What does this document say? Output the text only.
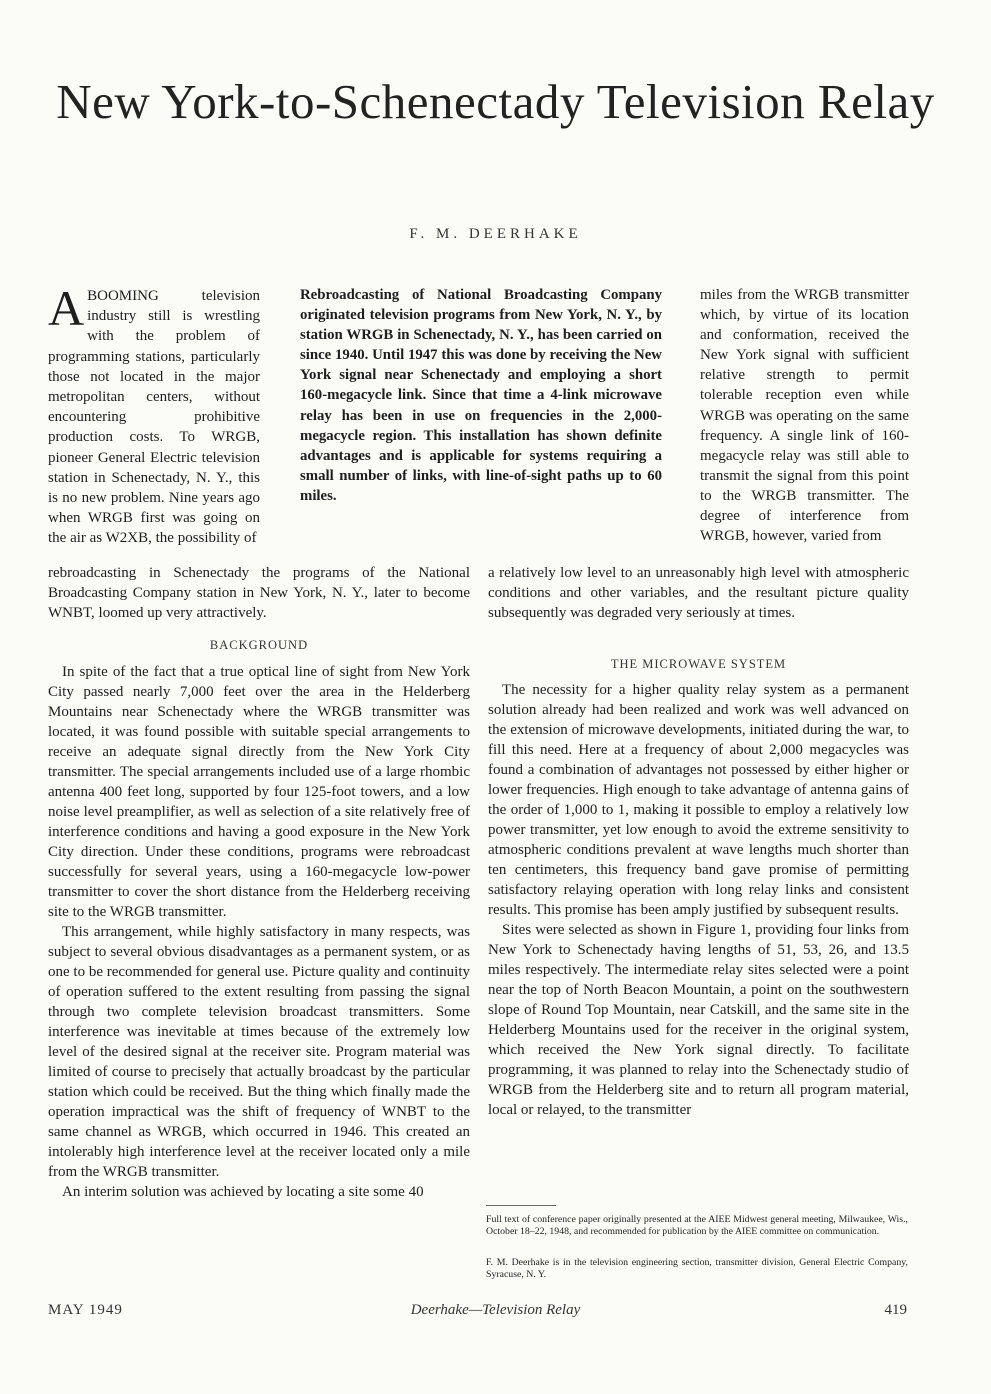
New York-to-Schenectady Television Relay
F. M. DEERHAKE

ABOOMING television industry still is wrestling with the problem of programming stations, particularly those not located in the major metropolitan centers, without encountering prohibitive production costs. To WRGB, pioneer General Electric television station in Schenectady, N. Y., this is no new problem. Nine years ago when WRGB first was going on the air as W2XB, the possibility of

Rebroadcasting of National Broadcasting Company originated television programs from New York, N. Y., by station WRGB in Schenectady, N. Y., has been carried on since 1940. Until 1947 this was done by receiving the New York signal near Schenectady and employing a short 160-megacycle link. Since that time a 4-link microwave relay has been in use on frequencies in the 2,000-megacycle region. This installation has shown definite advantages and is applicable for systems requiring a small number of links, with line-of-sight paths up to 60 miles.

miles from the WRGB transmitter which, by virtue of its location and conformation, received the New York signal with sufficient relative strength to permit tolerable reception even while WRGB was operating on the same frequency. A single link of 160-megacycle relay was still able to transmit the signal from this point to the WRGB transmitter. The degree of interference from WRGB, however, varied from

rebroadcasting in Schenectady the programs of the National Broadcasting Company station in New York, N. Y., later to become WNBT, loomed up very attractively.

a relatively low level to an unreasonably high level with atmospheric conditions and other variables, and the resultant picture quality subsequently was degraded very seriously at times.

BACKGROUND

In spite of the fact that a true optical line of sight from New York City passed nearly 7,000 feet over the area in the Helderberg Mountains near Schenectady where the WRGB transmitter was located, it was found possible with suitable special arrangements to receive an adequate signal directly from the New York City transmitter. The special arrangements included use of a large rhombic antenna 400 feet long, supported by four 125-foot towers, and a low noise level preamplifier, as well as selection of a site relatively free of interference conditions and having a good exposure in the New York City direction. Under these conditions, programs were rebroadcast successfully for several years, using a 160-megacycle low-power transmitter to cover the short distance from the Helderberg receiving site to the WRGB transmitter.

This arrangement, while highly satisfactory in many respects, was subject to several obvious disadvantages as a permanent system, or as one to be recommended for general use. Picture quality and continuity of operation suffered to the extent resulting from passing the signal through two complete television broadcast transmitters. Some interference was inevitable at times because of the extremely low level of the desired signal at the receiver site. Program material was limited of course to precisely that actually broadcast by the particular station which could be received. But the thing which finally made the operation impractical was the shift of frequency of WNBT to the same channel as WRGB, which occurred in 1946. This created an intolerably high interference level at the receiver located only a mile from the WRGB transmitter.

An interim solution was achieved by locating a site some 40

THE MICROWAVE SYSTEM

The necessity for a higher quality relay system as a permanent solution already had been realized and work was well advanced on the extension of microwave developments, initiated during the war, to fill this need. Here at a frequency of about 2,000 megacycles was found a combination of advantages not possessed by either higher or lower frequencies. High enough to take advantage of antenna gains of the order of 1,000 to 1, making it possible to employ a relatively low power transmitter, yet low enough to avoid the extreme sensitivity to atmospheric conditions prevalent at wave lengths much shorter than ten centimeters, this frequency band gave promise of permitting satisfactory relaying operation with long relay links and consistent results. This promise has been amply justified by subsequent results.

Sites were selected as shown in Figure 1, providing four links from New York to Schenectady having lengths of 51, 53, 26, and 13.5 miles respectively. The intermediate relay sites selected were a point near the top of North Beacon Mountain, a point on the southwestern slope of Round Top Mountain, near Catskill, and the same site in the Helderberg Mountains used for the receiver in the original system, which received the New York signal directly. To facilitate programming, it was planned to relay into the Schenectady studio of WRGB from the Helderberg site and to return all program material, local or relayed, to the transmitter

Full text of conference paper originally presented at the AIEE Midwest general meeting, Milwaukee, Wis., October 18–22, 1948, and recommended for publication by the AIEE committee on communication.

F. M. Deerhake is in the television engineering section, transmitter division, General Electric Company, Syracuse, N. Y.

MAY 1949	Deerhake—Television Relay	419
